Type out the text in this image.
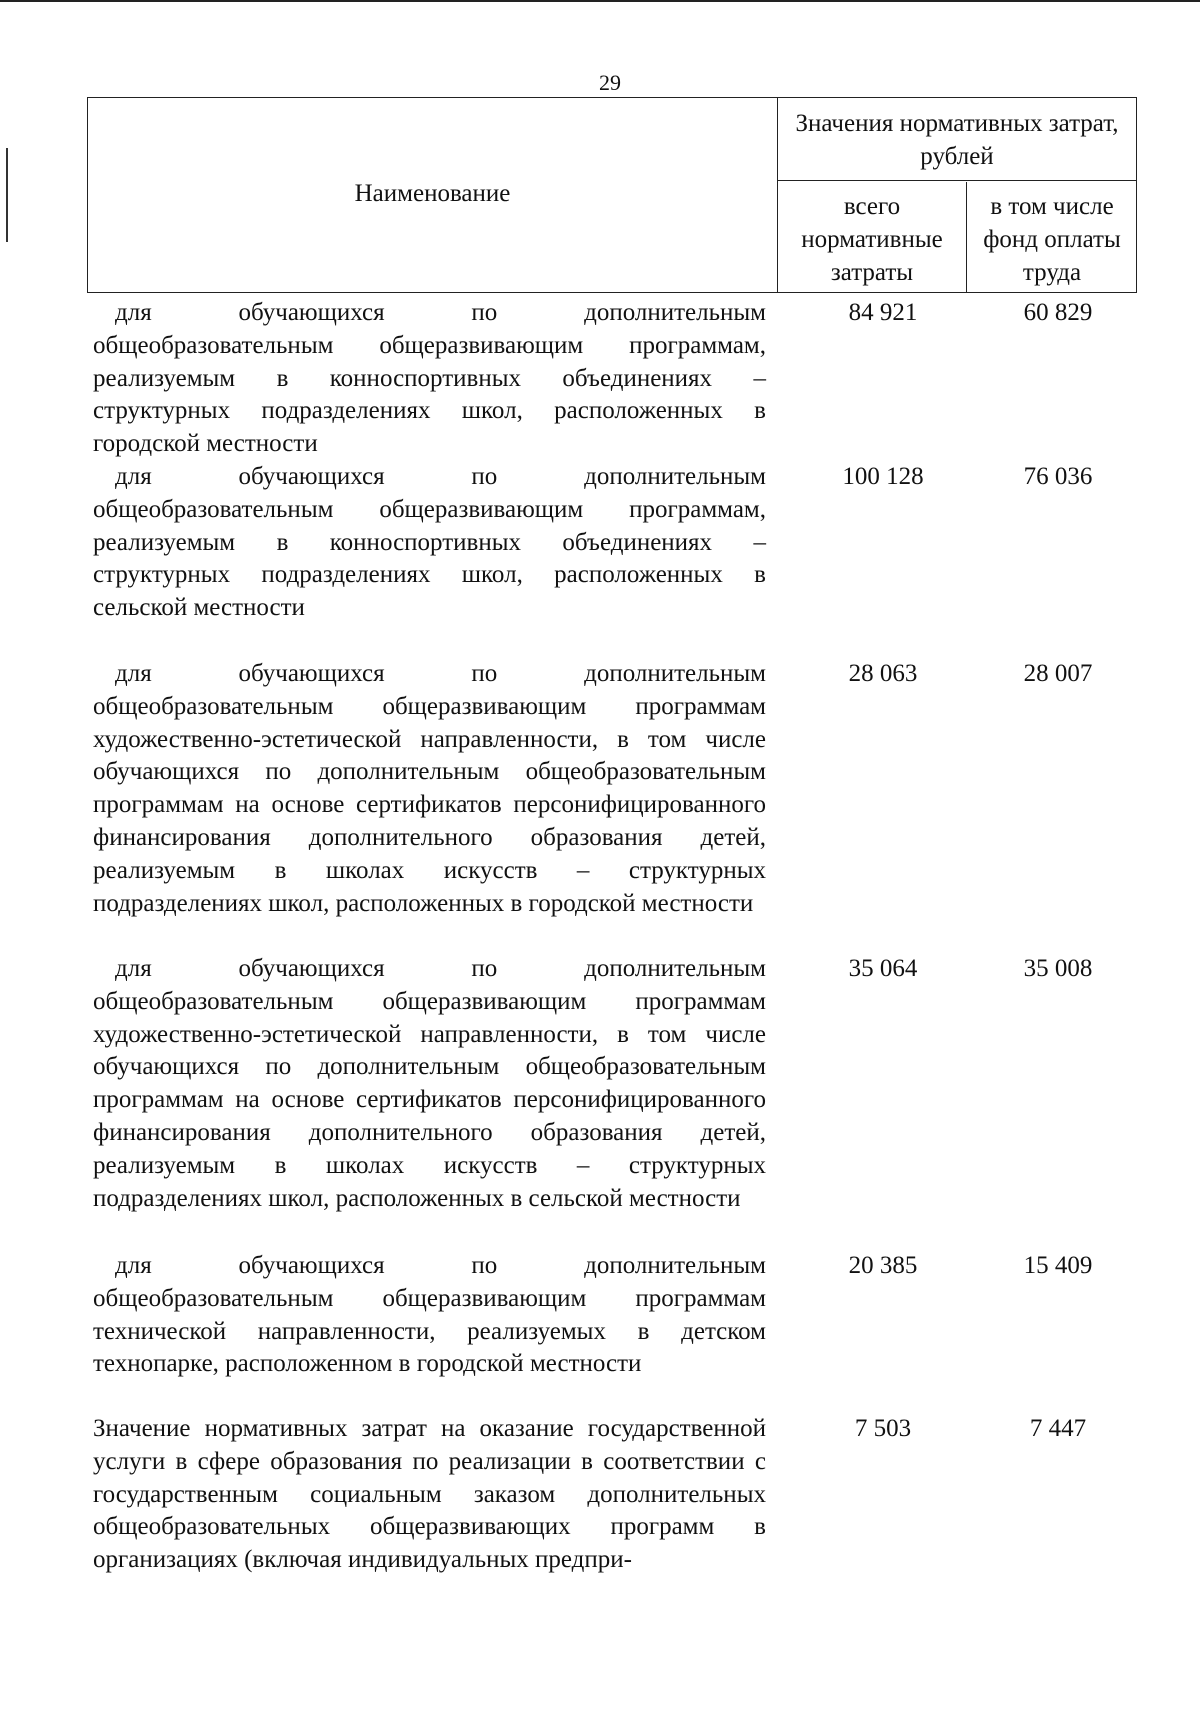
29
Наименование
Значения нормативных затрат, рублей
всего нормативные затраты
в том числе фонд оплаты труда
для обучающихся по дополнительным общеобразовательным общеразвивающим программам, реализуемым в конноспортивных объединениях – структурных подразделениях школ, расположенных в городской местности
84 921	60 829
для обучающихся по дополнительным общеобразовательным общеразвивающим программам, реализуемым в конноспортивных объединениях – структурных подразделениях школ, расположенных в сельской местности
100 128	76 036
для обучающихся по дополнительным общеобразовательным общеразвивающим программам художественно-эстетической направленности, в том числе обучающихся по дополнительным общеобразовательным программам на основе сертификатов персонифицированного финансирования дополнительного образования детей, реализуемым в школах искусств – структурных подразделениях школ, расположенных в городской местности
28 063	28 007
для обучающихся по дополнительным общеобразовательным общеразвивающим программам художественно-эстетической направленности, в том числе обучающихся по дополнительным общеобразовательным программам на основе сертификатов персонифицированного финансирования дополнительного образования детей, реализуемым в школах искусств – структурных подразделениях школ, расположенных в сельской местности
35 064	35 008
для обучающихся по дополнительным общеобразовательным общеразвивающим программам технической направленности, реализуемых в детском технопарке, расположенном в городской местности
20 385	15 409
Значение нормативных затрат на оказание государственной услуги в сфере образования по реализации в соответствии с государственным социальным заказом дополнительных общеобразовательных общеразвивающих программ в организациях (включая индивидуальных предпри-
7 503	7 447
